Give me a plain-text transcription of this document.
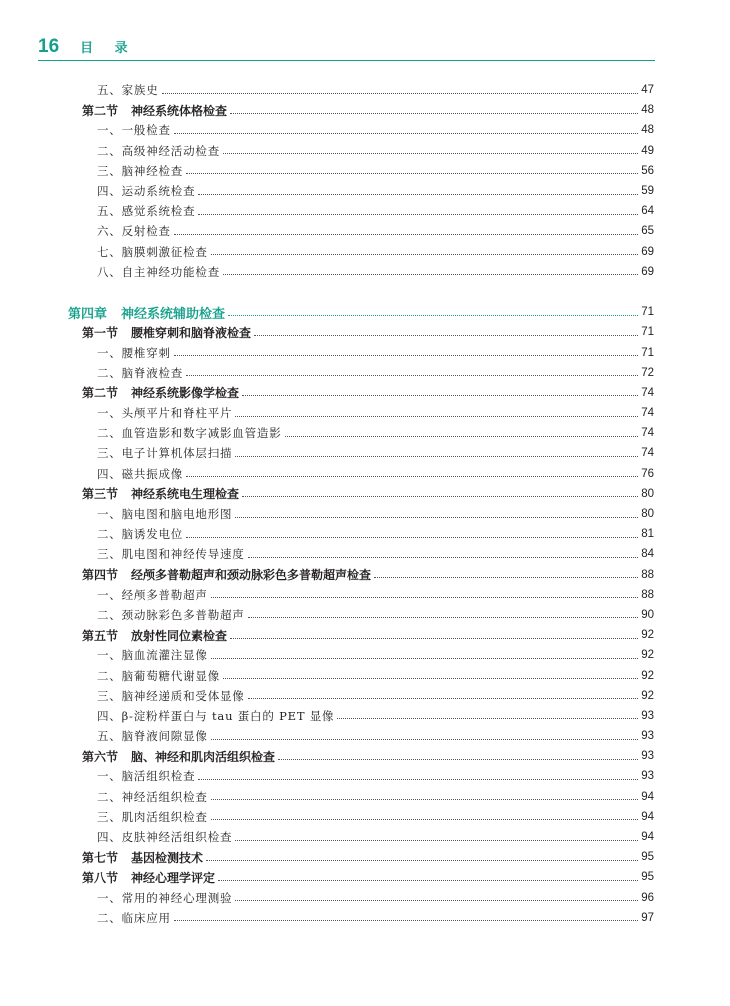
16 目 录
五、家族史	47
第二节 神经系统体格检查	48
一、一般检查	48
二、高级神经活动检查	49
三、脑神经检查	56
四、运动系统检查	59
五、感觉系统检查	64
六、反射检查	65
七、脑膜刺激征检查	69
八、自主神经功能检查	69
第四章 神经系统辅助检查	71
第一节 腰椎穿刺和脑脊液检查	71
一、腰椎穿刺	71
二、脑脊液检查	72
第二节 神经系统影像学检查	74
一、头颅平片和脊柱平片	74
二、血管造影和数字减影血管造影	74
三、电子计算机体层扫描	74
四、磁共振成像	76
第三节 神经系统电生理检查	80
一、脑电图和脑电地形图	80
二、脑诱发电位	81
三、肌电图和神经传导速度	84
第四节 经颅多普勒超声和颈动脉彩色多普勒超声检查	88
一、经颅多普勒超声	88
二、颈动脉彩色多普勒超声	90
第五节 放射性同位素检查	92
一、脑血流灌注显像	92
二、脑葡萄糖代谢显像	92
三、脑神经递质和受体显像	92
四、β-淀粉样蛋白与 tau 蛋白的 PET 显像	93
五、脑脊液间隙显像	93
第六节 脑、神经和肌肉活组织检查	93
一、脑活组织检查	93
二、神经活组织检查	94
三、肌肉活组织检查	94
四、皮肤神经活组织检查	94
第七节 基因检测技术	95
第八节 神经心理学评定	95
一、常用的神经心理测验	96
二、临床应用	97
